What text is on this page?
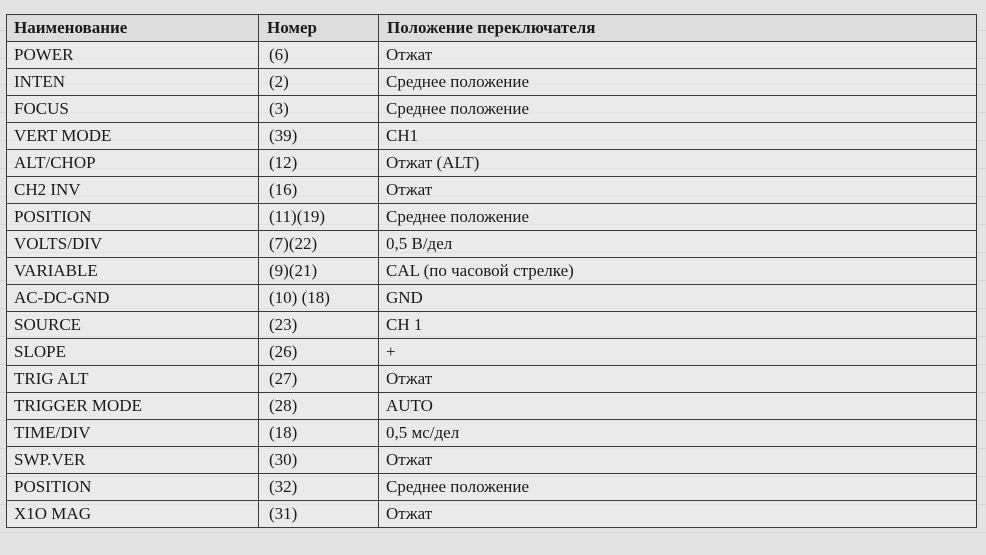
Наименование	Номер	Положение переключателя
POWER	(6)	Отжат
INTEN	(2)	Среднее положение
FOCUS	(3)	Среднее положение
VERT MODE	(39)	CH1
ALT/CHOP	(12)	Отжат (ALT)
CH2 INV	(16)	Отжат
POSITION	(11)(19)	Среднее положение
VOLTS/DIV	(7)(22)	0,5 В/дел
VARIABLE	(9)(21)	CAL (по часовой стрелке)
AC-DC-GND	(10) (18)	GND
SOURCE	(23)	CH 1
SLOPE	(26)	+
TRIG ALT	(27)	Отжат
TRIGGER MODE	(28)	AUTO
TIME/DIV	(18)	0,5 мс/дел
SWP.VER	(30)	Отжат
POSITION	(32)	Среднее положение
X1O MAG	(31)	Отжат
